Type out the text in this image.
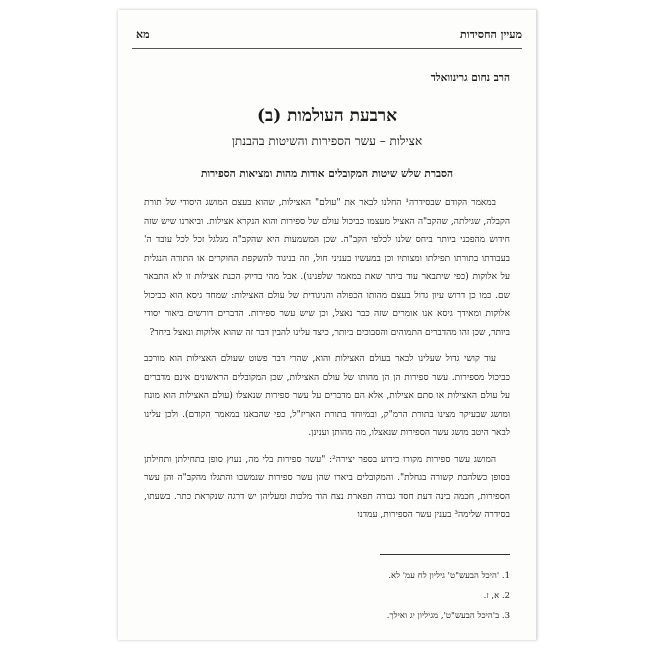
מעיין החסידות
מא
הרב נחום גרינוואלד
ארבעת העולמות (ב)
אצילות – עשר הספירות והשיטות בהבנתן
הסברת שלש שיטות המקובלים אודות מהות ומציאות הספירות

במאמר הקודם שבסידרה¹ החלנו לבאר את "עולם" האצילות, שהוא בעצם המושג היסודי של תורת הקבלה, שגילתה, שהקב"ה האציל מעצמו כביכול עולם של ספירות והוא הנקרא אצילות. וביארנו שיש שזה חידוש מהפכני ביותר ביחס שלנו לכלפי הקב"ה. שכן המשמעות היא שהקב"ה מגלגל זכל לכל עובד ה' בעבודתו בתורתו תפילתו ומצותיו וכן במעשיו בעניני חול, וזה בניגוד להשקפת החוקרים או התורה הנגלית על אלוקות (כפי שיתבאר עוד ביתר שאת במאמר שלפנינו). אבל מהי בדיוק הכנת אצילות זו לא התבאר שם. כמו כן דרוש עיון גדול בעצם מהותו הכפולה והניגודית של עולם האצילות: שמחד גיסא הוא כביכול אלוקות ומאידך גיסא אנו אומרים שזה כבר נאצל, וכן שיש עשר ספירות. הדברים דורשים ביאור יסודי ביותר, שכן זהו מהדברים התמוהים והסבוכים ביותר, כיצד עלינו להבין דבר זה שהוא אלוקות ונאצל ביחד?

עוד קושי גדול שעלינו לבאר בעולם האצילות והוא, שהרי דבר פשוט שעולם האצילות הוא מורכב כביכול מספירות. עשר ספירות הן הן מהותו של עולם האצילות, שכן המקובלים הראשונים אינם מדברים על עולם האצילות או סתם אצילות, אלא הם מדברים על עשר ספירות שנאצלו (עולם האצילות הוא מונח ומושג שבעיקר מצינו בתורת הרמ"ק, ובמיוחד בתורת האריז"ל, כפי שהבאנו במאמר הקודם). ולכן עלינו לבאר היטב מושג עשר הספירות שנאצלו, מה מהותן וענינן.

המושג עשר ספירות מקורו כידוע בספר יצירה²: "עשר ספירות בלי מה, נעוץ סופן בתחילתן ותחילתן בסופן כשלהבת קשורה בגחלת". והמקובלים ביארו שהן עשר ספירות שנמשכו והתגלו מהקב"ה והן עשר הספירות, חכמה בינה דעת חסד גבורה תפארת נצח הוד מלכות ומעליהן יש דרגה שנקראת כתר. בשעתו, בסידרה שלימה³ בענין עשר הספירות, עמדנו

1. 'היכל הבעש"ט' גיליון לח עמ' לא.
2. א, ז.
3. ב'היכל הבעש"ט', מגיליון יג ואילך.
